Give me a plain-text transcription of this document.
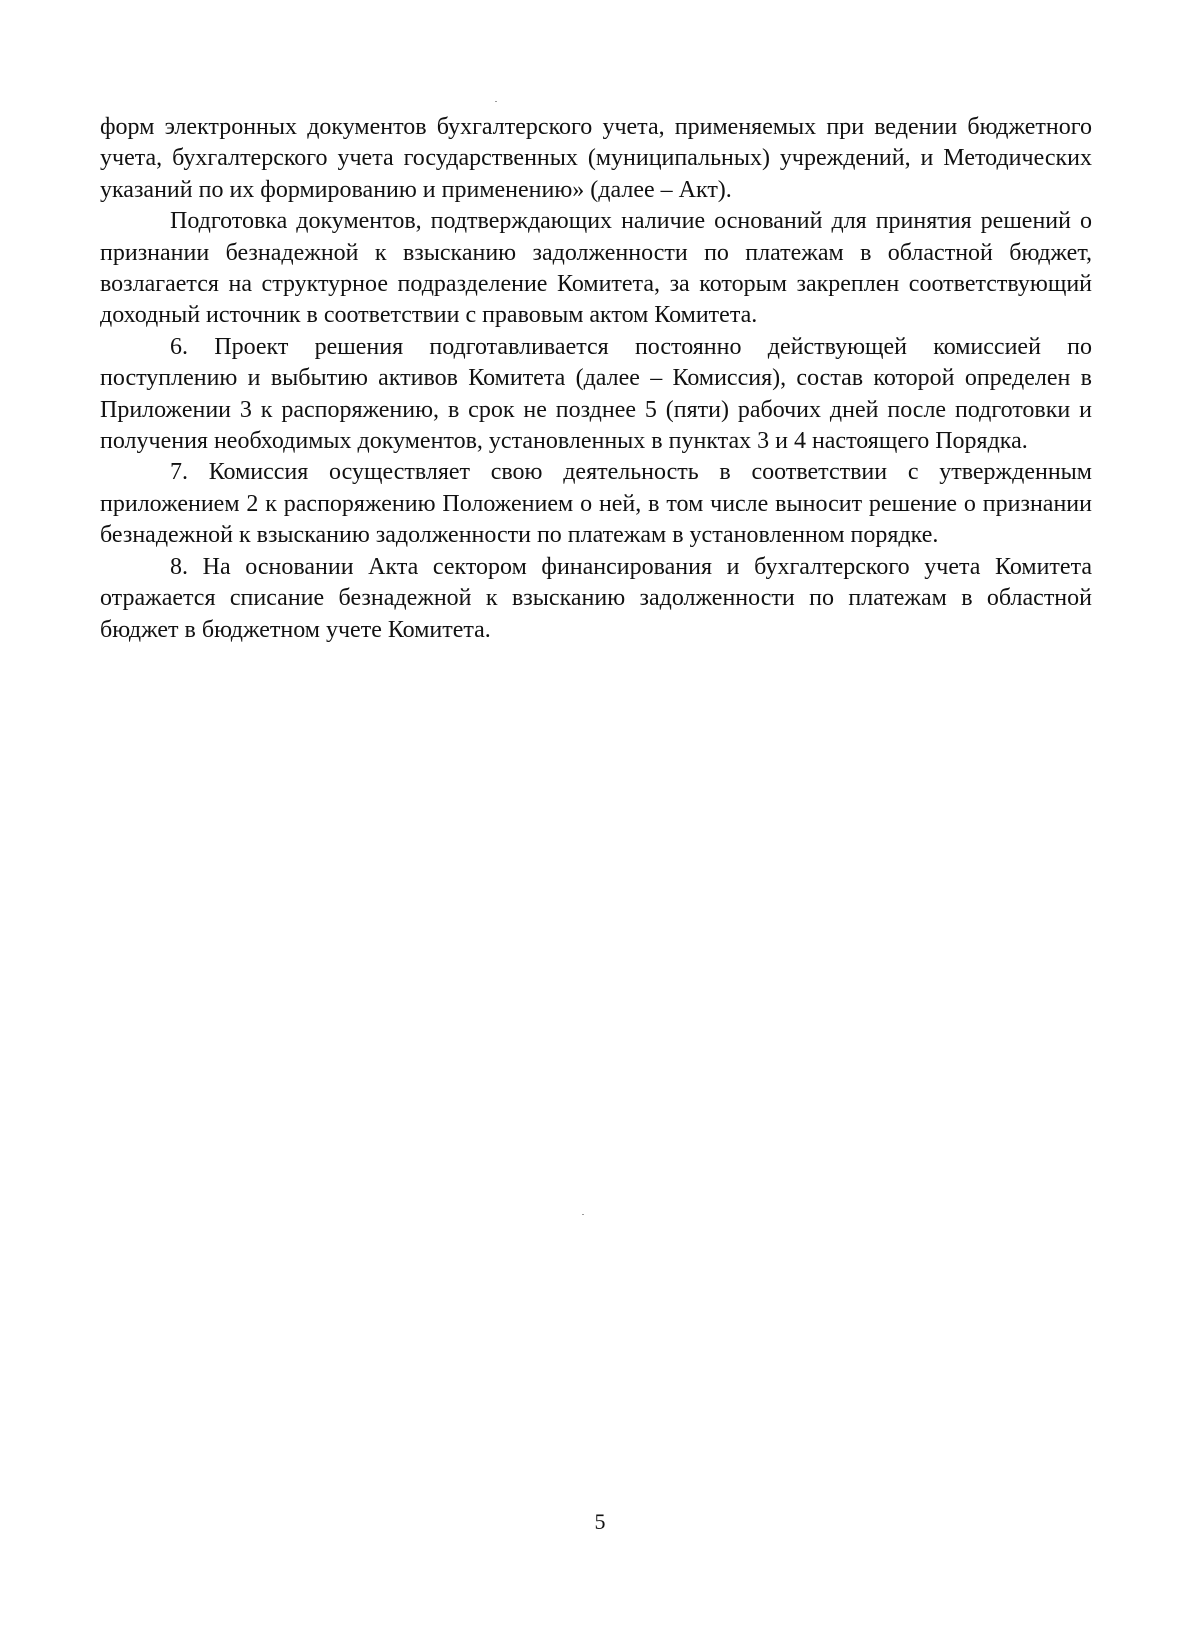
форм электронных документов бухгалтерского учета, применяемых при ведении бюджетного учета, бухгалтерского учета государственных (муниципальных) учреждений, и Методических указаний по их формированию и применению» (далее – Акт).

Подготовка документов, подтверждающих наличие оснований для принятия решений о признании безнадежной к взысканию задолженности по платежам в областной бюджет, возлагается на структурное подразделение Комитета, за которым закреплен соответствующий доходный источник в соответствии с правовым актом Комитета.

6. Проект решения подготавливается постоянно действующей комиссией по поступлению и выбытию активов Комитета (далее – Комиссия), состав которой определен в Приложении 3 к распоряжению, в срок не позднее 5 (пяти) рабочих дней после подготовки и получения необходимых документов, установленных в пунктах 3 и 4 настоящего Порядка.

7. Комиссия осуществляет свою деятельность в соответствии с утвержденным приложением 2 к распоряжению Положением о ней, в том числе выносит решение о признании безнадежной к взысканию задолженности по платежам в установленном порядке.

8. На основании Акта сектором финансирования и бухгалтерского учета Комитета отражается списание безнадежной к взысканию задолженности по платежам в областной бюджет в бюджетном учете Комитета.

5
